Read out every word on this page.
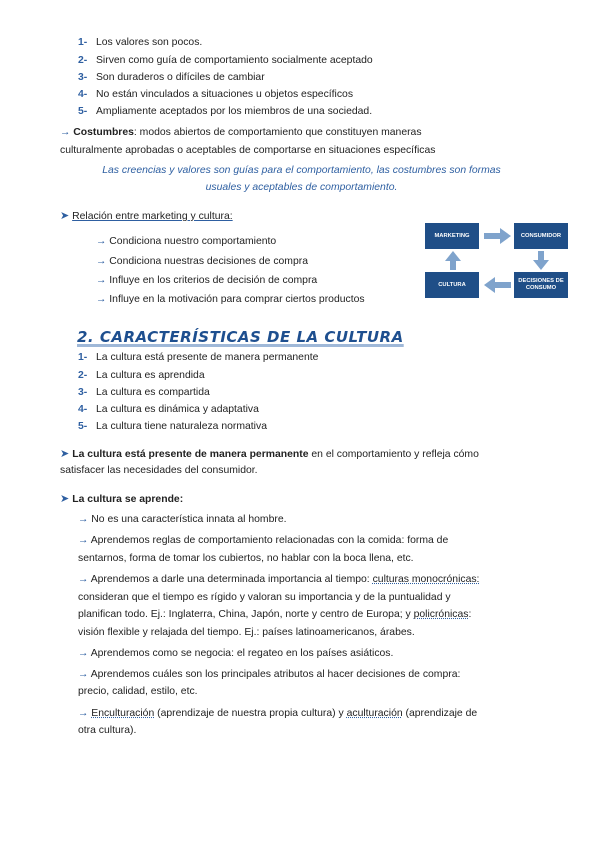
1- Los valores son pocos.
2- Sirven como guía de comportamiento socialmente aceptado
3- Son duraderos o difíciles de cambiar
4- No están vinculados a situaciones u objetos específicos
5- Ampliamente aceptados por los miembros de una sociedad.
→ Costumbres: modos abiertos de comportamiento que constituyen maneras
culturalmente aprobadas o aceptables de comportarse en situaciones específicas
Las creencias y valores son guías para el comportamiento, las costumbres son formas
usuales y aceptables de comportamiento.
➤ Relación entre marketing y cultura:
→ Condiciona nuestro comportamiento
→ Condiciona nuestras decisiones de compra
→ Influye en los criterios de decisión de compra
→ Influye en la motivación para comprar ciertos productos
MARKETING	CONSUMIDOR
CULTURA
DECISIONES DE
CONSUMO
2. CARACTERÍSTICAS DE LA CULTURA
1- La cultura está presente de manera permanente
2- La cultura es aprendida
3- La cultura es compartida
4- La cultura es dinámica y adaptativa
5- La cultura tiene naturaleza normativa
➤ La cultura está presente de manera permanente en el comportamiento y refleja cómo
satisfacer las necesidades del consumidor.
➤ La cultura se aprende:
→ No es una característica innata al hombre.
→ Aprendemos reglas de comportamiento relacionadas con la comida: forma de
sentarnos, forma de tomar los cubiertos, no hablar con la boca llena, etc.
→ Aprendemos a darle una determinada importancia al tiempo: culturas monocrónicas:
consideran que el tiempo es rígido y valoran su importancia y de la puntualidad y
planifican todo. Ej.: Inglaterra, China, Japón, norte y centro de Europa; y policrónicas:
visión flexible y relajada del tiempo. Ej.: países latinoamericanos, árabes.
→ Aprendemos como se negocia: el regateo en los países asiáticos.
→ Aprendemos cuáles son los principales atributos al hacer decisiones de compra:
precio, calidad, estilo, etc.
→ Enculturación (aprendizaje de nuestra propia cultura) y aculturación (aprendizaje de
otra cultura).
